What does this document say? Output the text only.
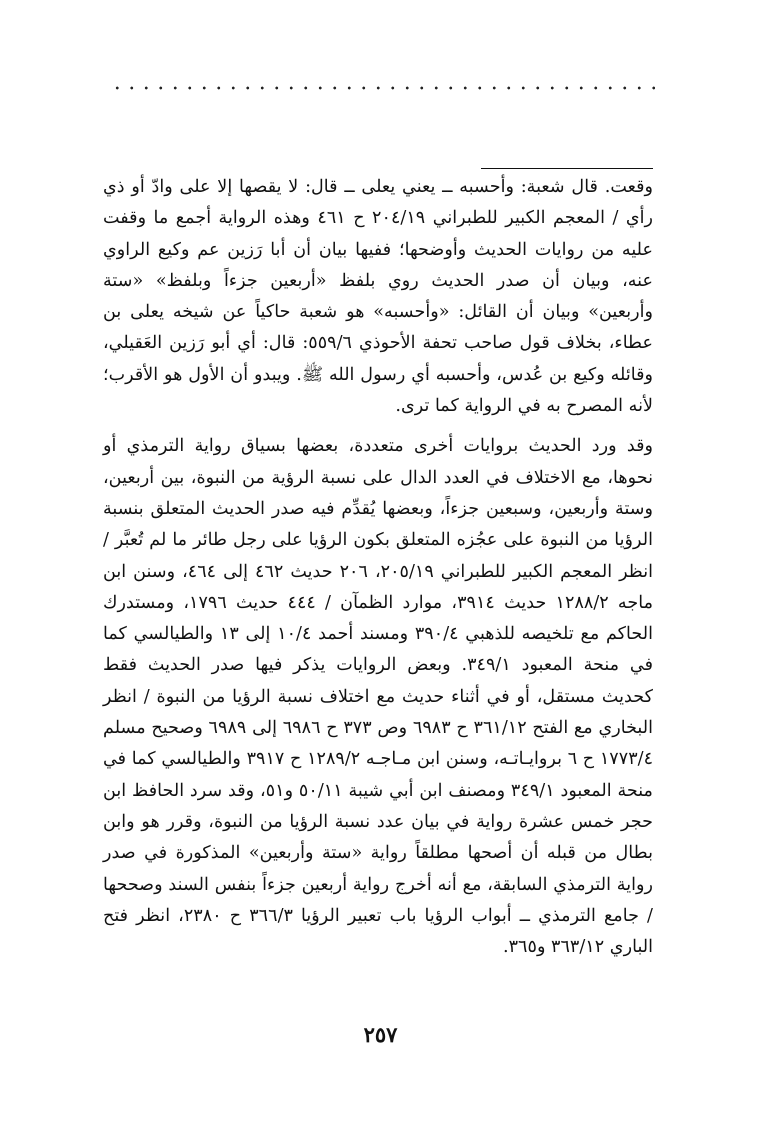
وقعت. قال شعبة: وأحسبه ــ يعني يعلى ــ قال: لا يقصها إلا على وادّ أو ذي رأي / المعجم الكبير للطبراني ٢٠٤/١٩ ح ٤٦١ وهذه الرواية أجمع ما وقفت عليه من روايات الحديث وأوضحها؛ ففيها بيان أن أبا رَزين عم وكيع الراوي عنه، وبيان أن صدر الحديث روي بلفظ «أربعين جزءاً وبلفظ» «ستة وأربعين» وبيان أن القائل: «وأحسبه» هو شعبة حاكياً عن شيخه يعلى بن عطاء، بخلاف قول صاحب تحفة الأحوذي ٥٥٩/٦: قال: أي أبو رَزين العَقيلي، وقائله وكيع بن عُدس، وأحسبه أي رسول الله ﷺ. ويبدو أن الأول هو الأقرب؛ لأنه المصرح به في الرواية كما ترى.

وقد ورد الحديث بروايات أخرى متعددة، بعضها بسياق رواية الترمذي أو نحوها، مع الاختلاف في العدد الدال على نسبة الرؤية من النبوة، بين أربعين، وستة وأربعين، وسبعين جزءاً، وبعضها يُقدِّم فيه صدر الحديث المتعلق بنسبة الرؤيا من النبوة على عجُزه المتعلق بكون الرؤيا على رجل طائر ما لم تُعبَّر /انظر المعجم الكبير للطبراني ٢٠٥/١٩، ٢٠٦ حديث ٤٦٢ إلى ٤٦٤، وسنن ابن ماجه ١٢٨٨/٢ حديث ٣٩١٤، موارد الظمآن / ٤٤٤ حديث ١٧٩٦، ومستدرك الحاكم مع تلخيصه للذهبي ٣٩٠/٤ ومسند أحمد ١٠/٤ إلى ١٣ والطيالسي كما في منحة المعبود ٣٤٩/١. وبعض الروايات يذكر فيها صدر الحديث فقط كحديث مستقل، أو في أثناء حديث مع اختلاف نسبة الرؤيا من النبوة / انظر البخاري مع الفتح ٣٦١/١٢ ح ٦٩٨٣ وص ٣٧٣ ح ٦٩٨٦ إلى ٦٩٨٩ وصحيح مسلم ١٧٧٣/٤ ح ٦ بروايـاتـه، وسنن ابن مـاجـه ١٢٨٩/٢ ح ٣٩١٧ والطيالسي كما في منحة المعبود ٣٤٩/١ ومصنف ابن أبي شيبة ٥٠/١١ و٥١، وقد سرد الحافظ ابن حجر خمس عشرة رواية في بيان عدد نسبة الرؤيا من النبوة، وقرر هو وابن بطال من قبله أن أصحها مطلقاً رواية «ستة وأربعين» المذكورة في صدر رواية الترمذي السابقة، مع أنه أخرج رواية أربعين جزءاً بنفس السند وصححها / جامع الترمذي ــ أبواب الرؤيا باب تعبير الرؤيا ٣٦٦/٣ ح ٢٣٨٠، انظر فتح الباري ٣٦٣/١٢ و٣٦٥.

٢٥٧
